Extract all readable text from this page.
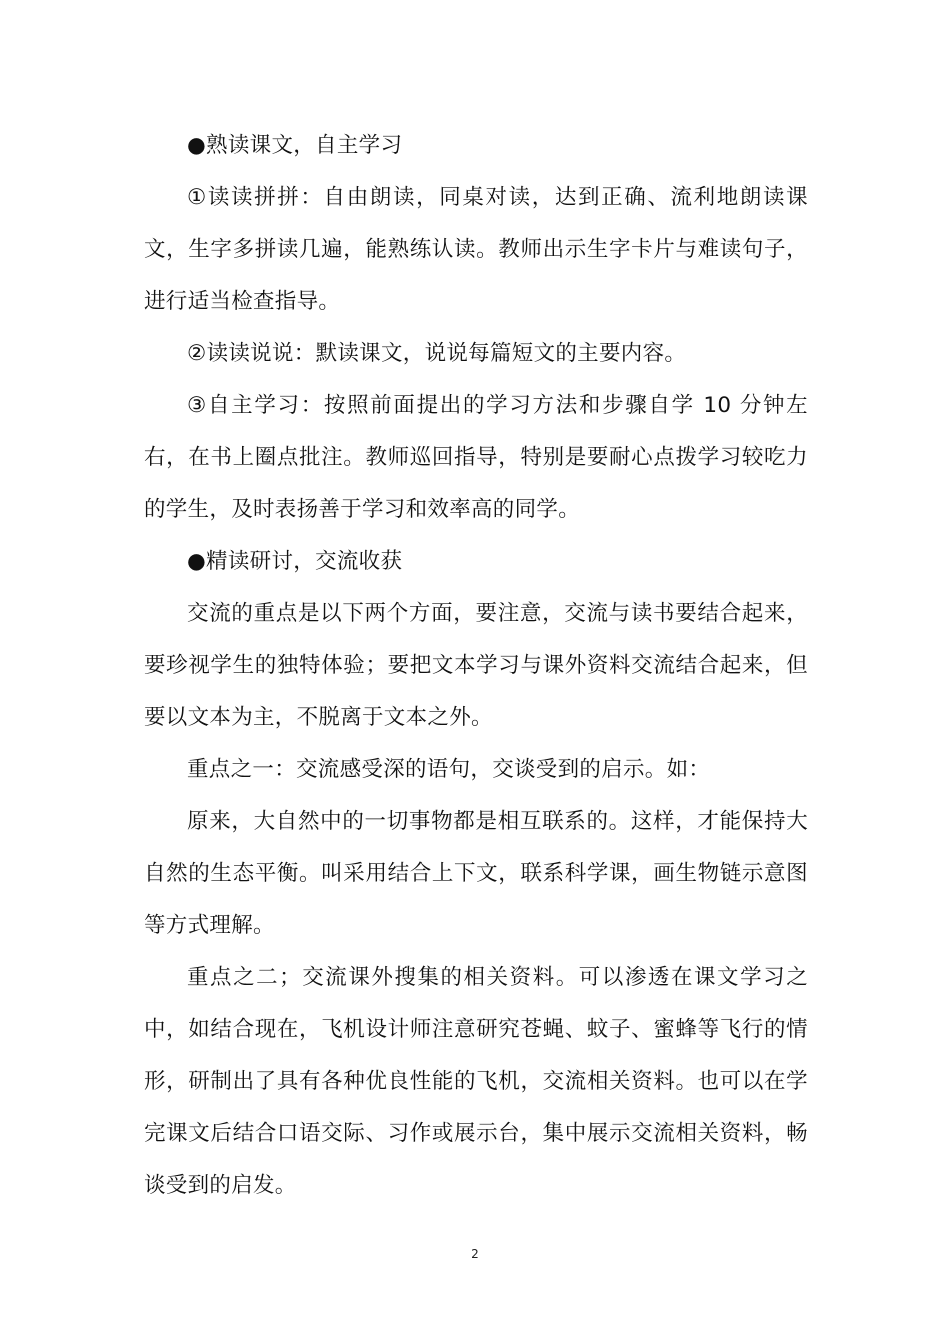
●熟读课文，自主学习

①读读拼拼：自由朗读，同桌对读，达到正确、流利地朗读课文，生字多拼读几遍，能熟练认读。教师出示生字卡片与难读句子，进行适当检查指导。

②读读说说：默读课文，说说每篇短文的主要内容。

③自主学习：按照前面提出的学习方法和步骤自学 10 分钟左右，在书上圈点批注。教师巡回指导，特别是要耐心点拨学习较吃力的学生，及时表扬善于学习和效率高的同学。

●精读研讨，交流收获

交流的重点是以下两个方面，要注意，交流与读书要结合起来，要珍视学生的独特体验；要把文本学习与课外资料交流结合起来，但要以文本为主，不脱离于文本之外。

重点之一：交流感受深的语句，交谈受到的启示。如：

原来，大自然中的一切事物都是相互联系的。这样，才能保持大自然的生态平衡。叫采用结合上下文，联系科学课，画生物链示意图等方式理解。

重点之二；交流课外搜集的相关资料。可以渗透在课文学习之中，如结合现在，飞机设计师注意研究苍蝇、蚊子、蜜蜂等飞行的情形，研制出了具有各种优良性能的飞机，交流相关资料。也可以在学完课文后结合口语交际、习作或展示台，集中展示交流相关资料，畅谈受到的启发。

2
